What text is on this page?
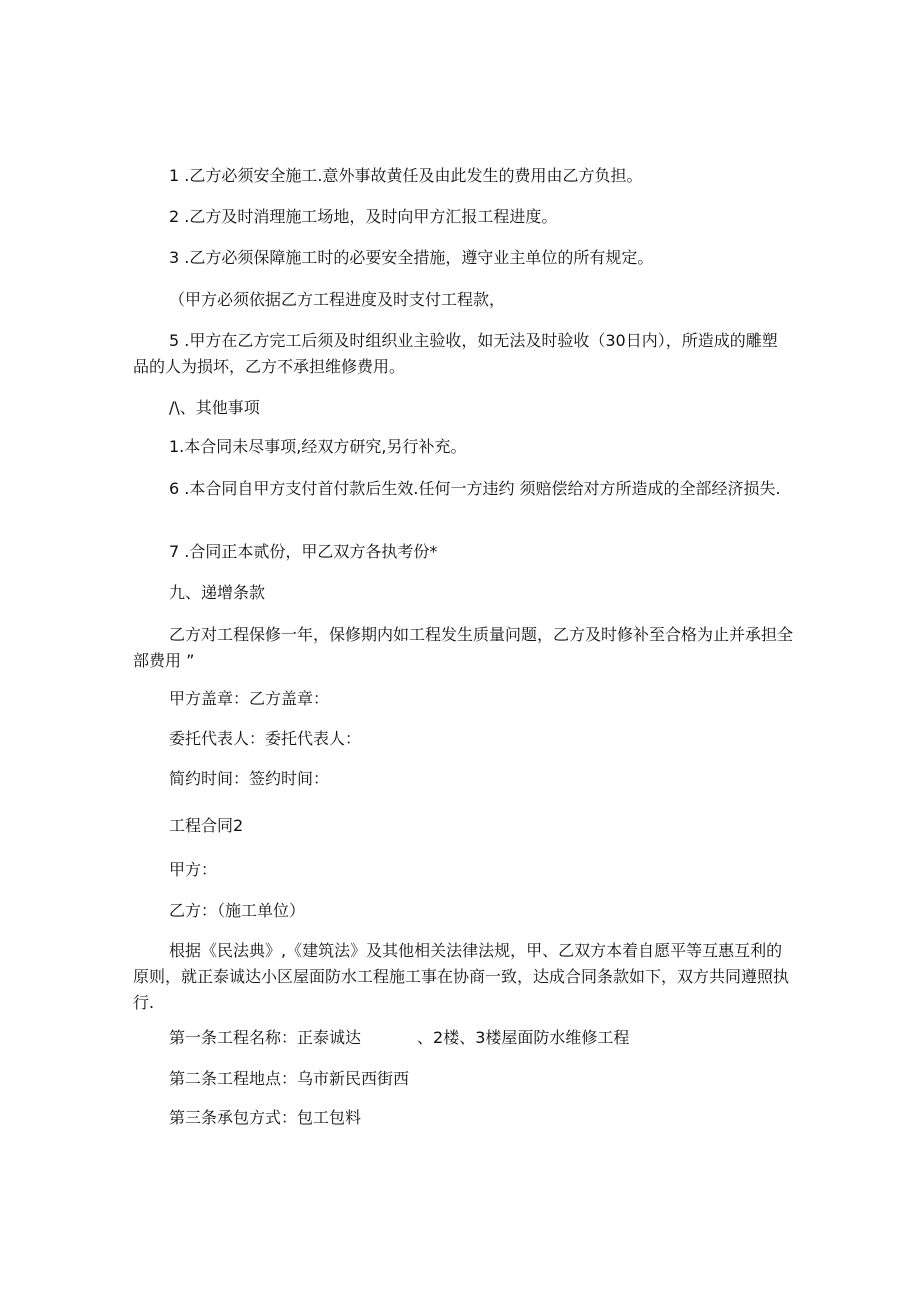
1 .乙方必须安全施工.意外事故黄任及由此发生的费用由乙方负担。

2 .乙方及时消理施工场地，及时向甲方汇报工程进度。

3 .乙方必须保障施工时的必要安全措施，遵守业主单位的所有规定。

（甲方必须依据乙方工程进度及时支付工程款，

5 .甲方在乙方完工后须及时组织业主验收，如无法及时验收（30日内），所造成的雕塑品的人为损坏，乙方不承担维修费用。

/\、其他事项

1.本合同未尽事项,经双方研究,另行补充。

6 .本合同自甲方支付首付款后生效.任何一方违约 须赔偿给对方所造成的全部经济损失.

7 .合同正本贰份，甲乙双方各执考份*

九、递增条款

乙方对工程保修一年，保修期内如工程发生质量问题，乙方及时修补至合格为止并承担全部费用 ”

甲方盖章：乙方盖章：

委托代表人：委托代表人：

简约时间：签约时间：

工程合同2

甲方：

乙方：（施工单位）

根据《民法典》,《建筑法》及其他相关法律法规，甲、乙双方本着自愿平等互惠互利的原则，就正泰诚达小区屋面防水工程施工事在协商一致，达成合同条款如下，双方共同遵照执行.

第一条工程名称：正泰诚达	、2楼、3楼屋面防水维修工程

第二条工程地点：乌市新民西街西

第三条承包方式：包工包料
